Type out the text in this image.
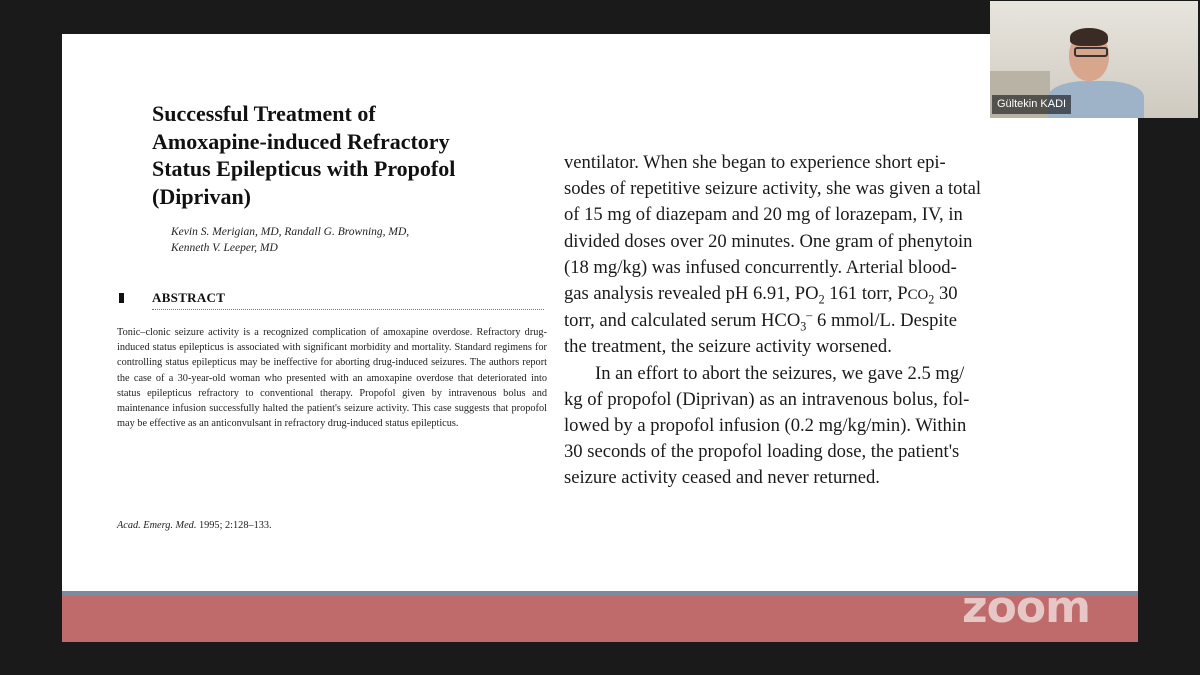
Successful Treatment of
Amoxapine-induced Refractory
Status Epilepticus with Propofol
(Diprivan)
Kevin S. Merigian, MD, Randall G. Browning, MD,
Kenneth V. Leeper, MD
ABSTRACT

Tonic–clonic seizure activity is a recognized complication of amoxapine overdose. Refractory drug-induced status epilepticus is associated with significant morbidity and mortality. Standard regimens for controlling status epilepticus may be ineffective for aborting drug-induced seizures. The authors report the case of a 30-year-old woman who presented with an amoxapine overdose that deteriorated into status epilepticus refractory to conventional therapy. Propofol given by intravenous bolus and maintenance infusion successfully halted the patient's seizure activity. This case suggests that propofol may be effective as an anticonvulsant in refractory drug-induced status epilepticus.

Acad. Emerg. Med. 1995; 2:128–133.
ventilator. When she began to experience short epi-
sodes of repetitive seizure activity, she was given a total
of 15 mg of diazepam and 20 mg of lorazepam, IV, in
divided doses over 20 minutes. One gram of phenytoin
(18 mg/kg) was infused concurrently. Arterial blood-
gas analysis revealed pH 6.91, $PO_2$ 161 torr, $PCO_2$ 30
torr, and calculated serum $HCO_3^-$ 6 mmol/L. Despite
the treatment, the seizure activity worsened.
In an effort to abort the seizures, we gave 2.5 mg/
kg of propofol (Diprivan) as an intravenous bolus, fol-
lowed by a propofol infusion (0.2 mg/kg/min). Within
30 seconds of the propofol loading dose, the patient's
seizure activity ceased and never returned.
Gültekin KADI
zoom
